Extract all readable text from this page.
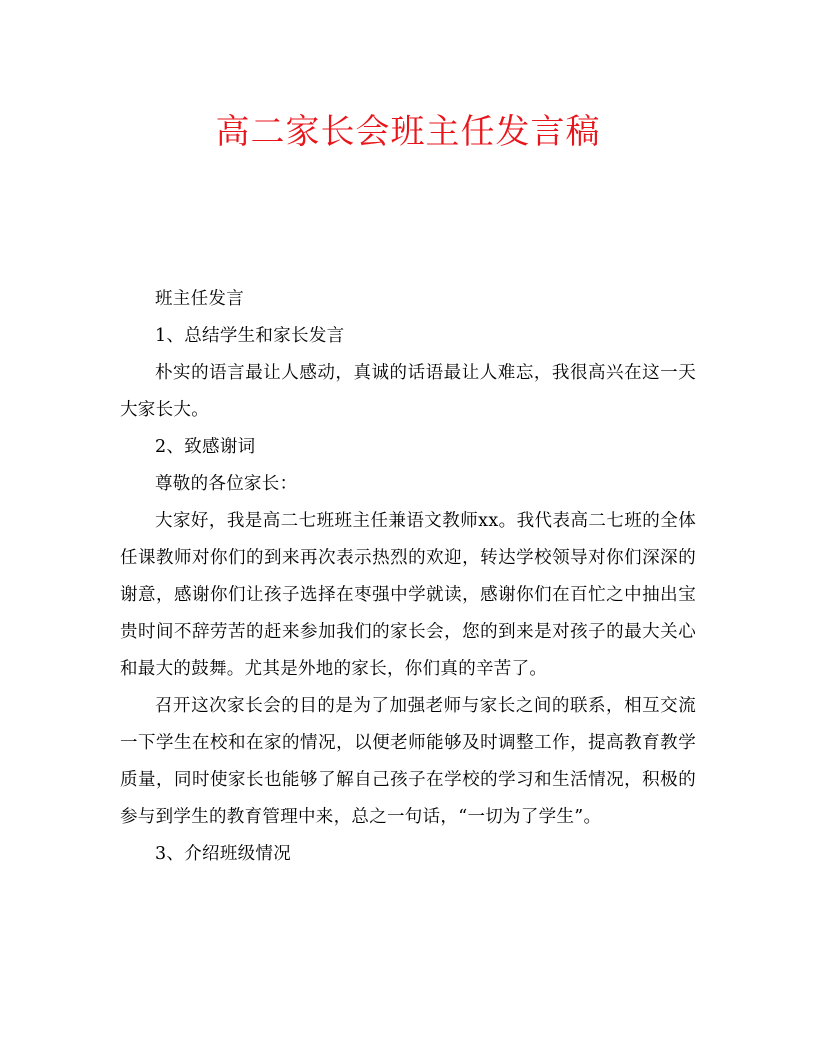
高二家长会班主任发言稿

班主任发言

1、总结学生和家长发言

朴实的语言最让人感动，真诚的话语最让人难忘，我很高兴在这一天大家长大。

2、致感谢词

尊敬的各位家长：

大家好，我是高二七班班主任兼语文教师xx。我代表高二七班的全体任课教师对你们的到来再次表示热烈的欢迎，转达学校领导对你们深深的谢意，感谢你们让孩子选择在枣强中学就读，感谢你们在百忙之中抽出宝贵时间不辞劳苦的赶来参加我们的家长会，您的到来是对孩子的最大关心和最大的鼓舞。尤其是外地的家长，你们真的辛苦了。

召开这次家长会的目的是为了加强老师与家长之间的联系，相互交流一下学生在校和在家的情况，以便老师能够及时调整工作，提高教育教学质量，同时使家长也能够了解自己孩子在学校的学习和生活情况，积极的参与到学生的教育管理中来，总之一句话，“一切为了学生”。

3、介绍班级情况
